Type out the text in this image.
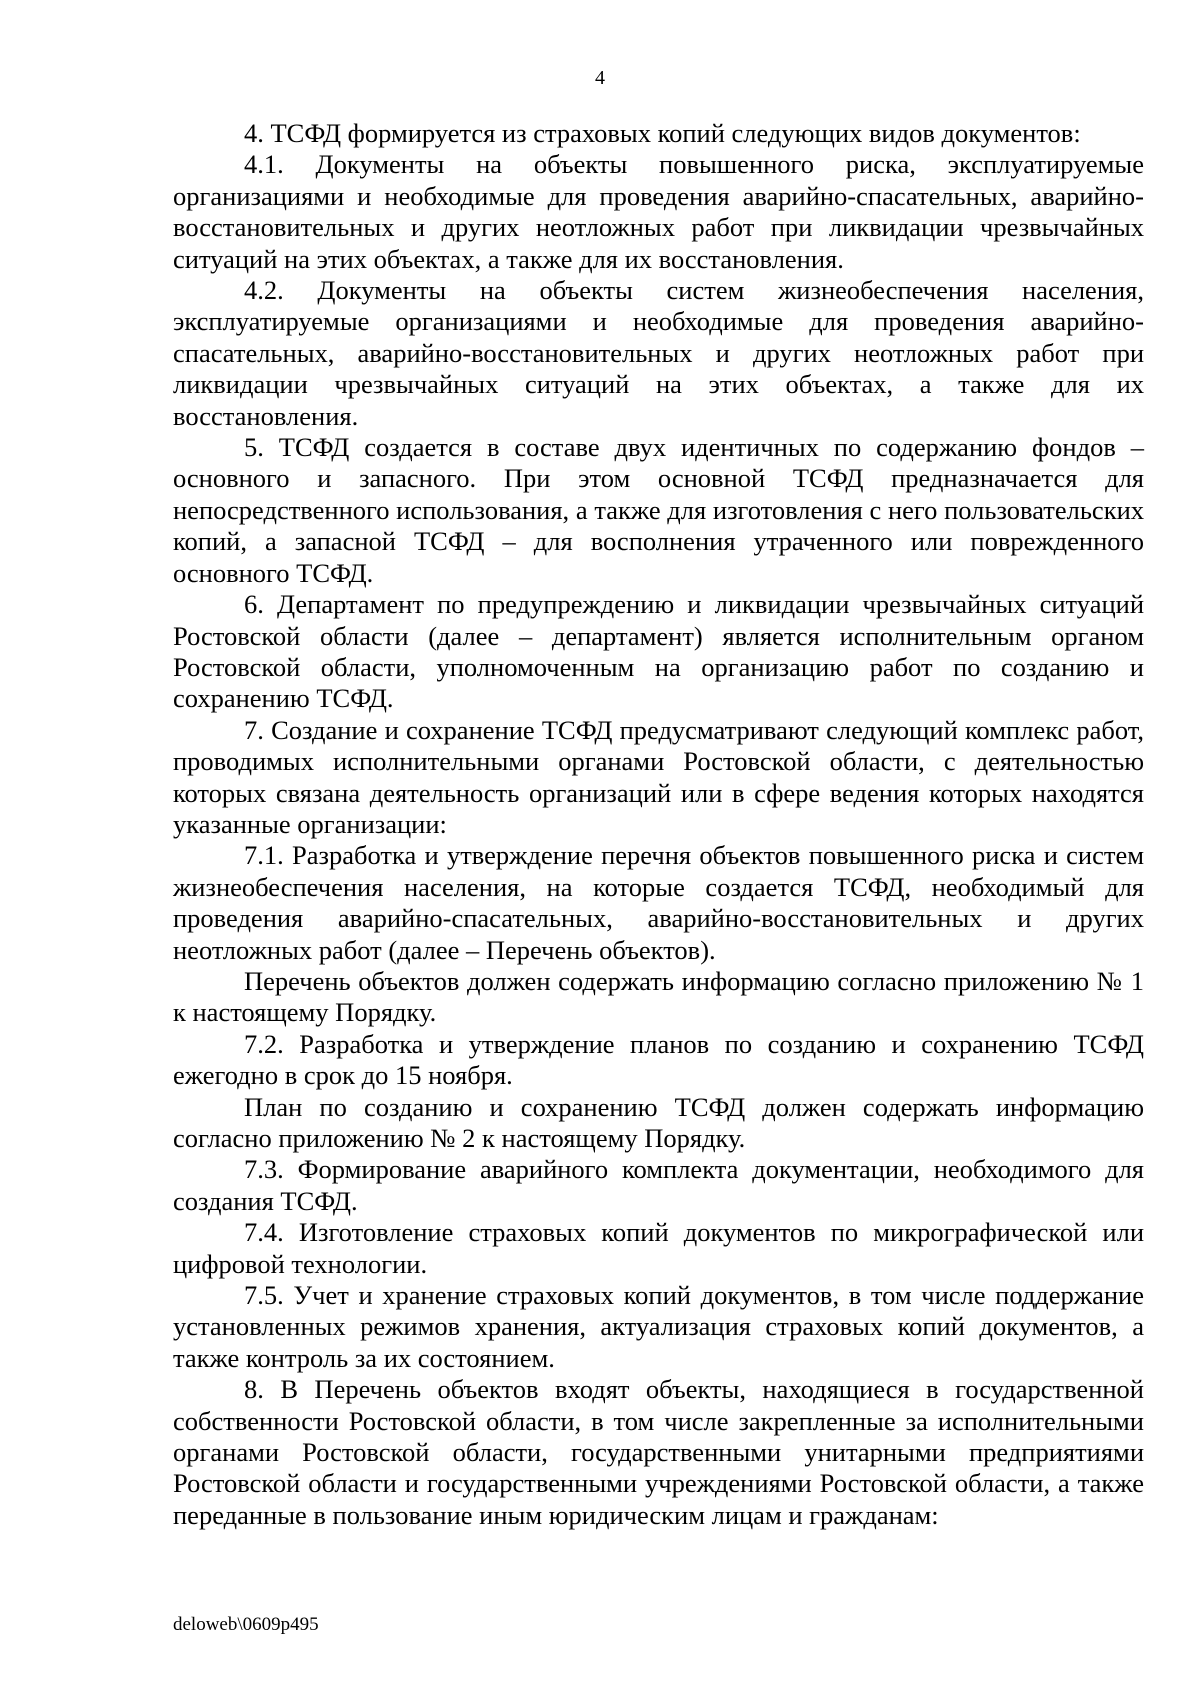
4

4. ТСФД формируется из страховых копий следующих видов документов:

4.1. Документы на объекты повышенного риска, эксплуатируемые организациями и необходимые для проведения аварийно-спасательных, аварийно-восстановительных и других неотложных работ при ликвидации чрезвычайных ситуаций на этих объектах, а также для их восстановления.

4.2. Документы на объекты систем жизнеобеспечения населения, эксплуатируемые организациями и необходимые для проведения аварийно-спасательных, аварийно-восстановительных и других неотложных работ при ликвидации чрезвычайных ситуаций на этих объектах, а также для их восстановления.

5. ТСФД создается в составе двух идентичных по содержанию фондов – основного и запасного. При этом основной ТСФД предназначается для непосредственного использования, а также для изготовления с него пользовательских копий, а запасной ТСФД – для восполнения утраченного или поврежденного основного ТСФД.

6. Департамент по предупреждению и ликвидации чрезвычайных ситуаций Ростовской области (далее – департамент) является исполнительным органом Ростовской области, уполномоченным на организацию работ по созданию и сохранению ТСФД.

7. Создание и сохранение ТСФД предусматривают следующий комплекс работ, проводимых исполнительными органами Ростовской области, с деятельностью которых связана деятельность организаций или в сфере ведения которых находятся указанные организации:

7.1. Разработка и утверждение перечня объектов повышенного риска и систем жизнеобеспечения населения, на которые создается ТСФД, необходимый для проведения аварийно-спасательных, аварийно-восстановительных и других неотложных работ (далее – Перечень объектов).

Перечень объектов должен содержать информацию согласно приложению № 1 к настоящему Порядку.

7.2. Разработка и утверждение планов по созданию и сохранению ТСФД ежегодно в срок до 15 ноября.

План по созданию и сохранению ТСФД должен содержать информацию согласно приложению № 2 к настоящему Порядку.

7.3. Формирование аварийного комплекта документации, необходимого для создания ТСФД.

7.4. Изготовление страховых копий документов по микрографической или цифровой технологии.

7.5. Учет и хранение страховых копий документов, в том числе поддержание установленных режимов хранения, актуализация страховых копий документов, а также контроль за их состоянием.

8. В Перечень объектов входят объекты, находящиеся в государственной собственности Ростовской области, в том числе закрепленные за исполнительными органами Ростовской области, государственными унитарными предприятиями Ростовской области и государственными учреждениями Ростовской области, а также переданные в пользование иным юридическим лицам и гражданам:

deloweb\0609p495
